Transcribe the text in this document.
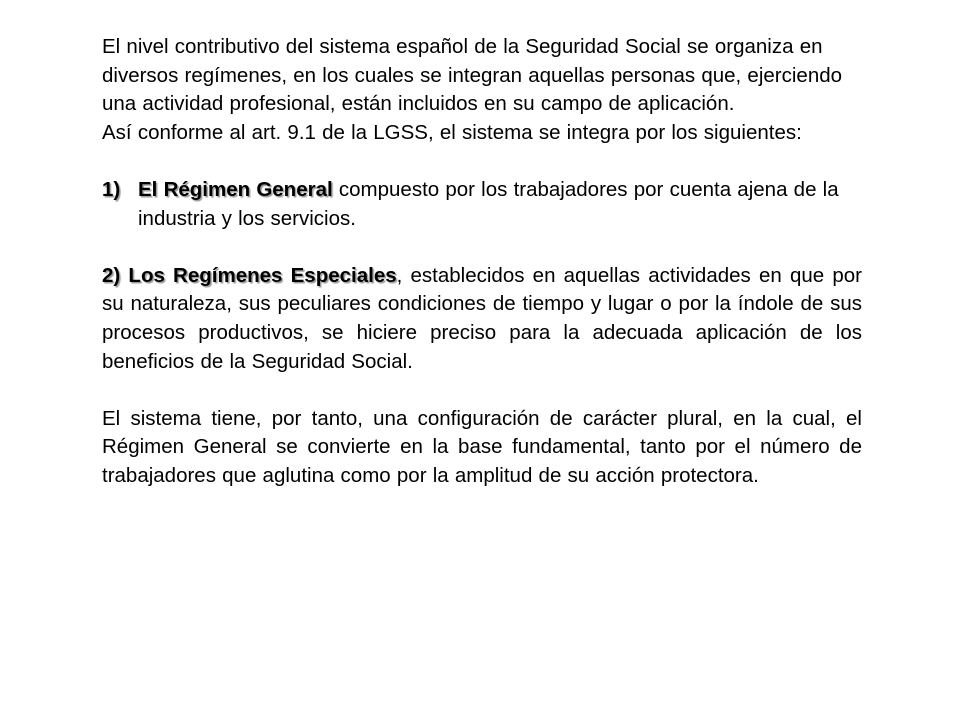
El nivel contributivo del sistema español de la Seguridad Social se organiza en diversos regímenes, en los cuales se integran aquellas personas que, ejerciendo una actividad profesional, están incluidos en su campo de aplicación.

Así conforme al art. 9.1 de la LGSS, el sistema se integra por los siguientes:

1) El Régimen General compuesto por los trabajadores por cuenta ajena de la industria y los servicios.

2) Los Regímenes Especiales, establecidos en aquellas actividades en que por su naturaleza, sus peculiares condiciones de tiempo y lugar o por la índole de sus procesos productivos, se hiciere preciso para la adecuada aplicación de los beneficios de la Seguridad Social.

El sistema tiene, por tanto, una configuración de carácter plural, en la cual, el Régimen General se convierte en la base fundamental, tanto por el número de trabajadores que aglutina como por la amplitud de su acción protectora.
